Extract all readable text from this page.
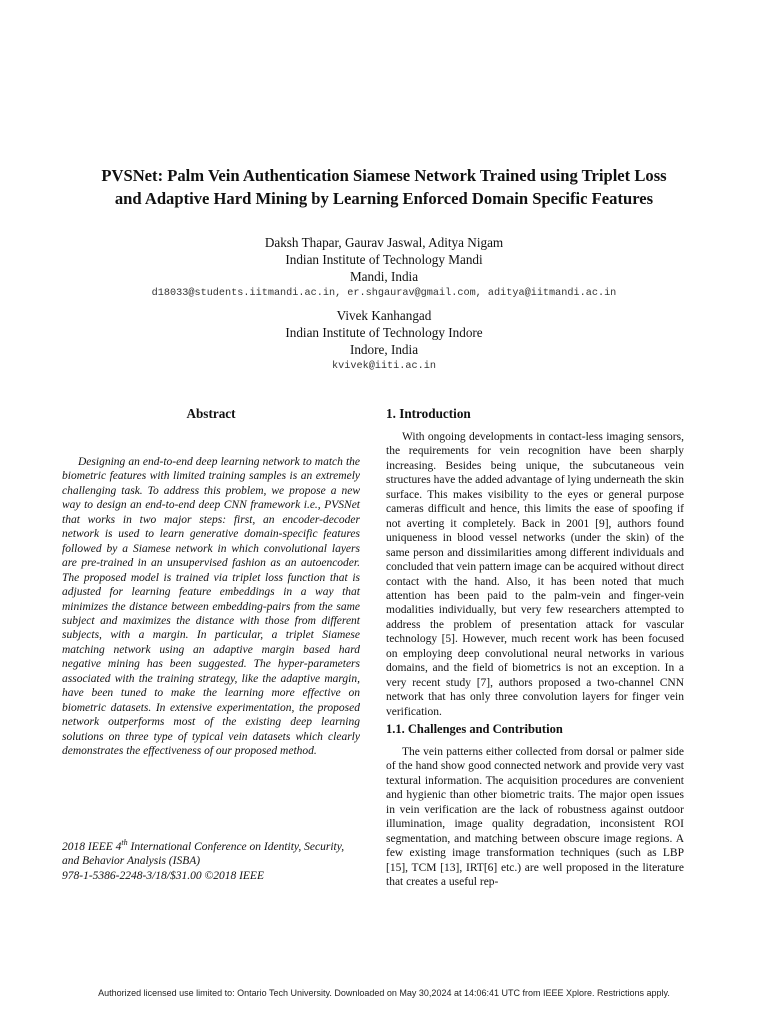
PVSNet: Palm Vein Authentication Siamese Network Trained using Triplet Loss
and Adaptive Hard Mining by Learning Enforced Domain Specific Features
Daksh Thapar, Gaurav Jaswal, Aditya Nigam
Indian Institute of Technology Mandi
Mandi, India
d18033@students.iitmandi.ac.in, er.shgaurav@gmail.com, aditya@iitmandi.ac.in
Vivek Kanhangad
Indian Institute of Technology Indore
Indore, India
kvivek@iiti.ac.in
Abstract

Designing an end-to-end deep learning network to match the biometric features with limited training samples is an extremely challenging task. To address this problem, we propose a new way to design an end-to-end deep CNN framework i.e., PVSNet that works in two major steps: first, an encoder-decoder network is used to learn generative domain-specific features followed by a Siamese network in which convolutional layers are pre-trained in an unsupervised fashion as an autoencoder. The proposed model is trained via triplet loss function that is adjusted for learning feature embeddings in a way that minimizes the distance between embedding-pairs from the same subject and maximizes the distance with those from different subjects, with a margin. In particular, a triplet Siamese matching network using an adaptive margin based hard negative mining has been suggested. The hyper-parameters associated with the training strategy, like the adaptive margin, have been tuned to make the learning more effective on biometric datasets. In extensive experimentation, the proposed network outperforms most of the existing deep learning solutions on three type of typical vein datasets which clearly demonstrates the effectiveness of our proposed method.

2018 IEEE 4th International Conference on Identity, Security, and Behavior Analysis (ISBA)
978-1-5386-2248-3/18/$31.00 ©2018 IEEE
1. Introduction

With ongoing developments in contact-less imaging sensors, the requirements for vein recognition have been sharply increasing. Besides being unique, the subcutaneous vein structures have the added advantage of lying underneath the skin surface. This makes visibility to the eyes or general purpose cameras difficult and hence, this limits the ease of spoofing if not averting it completely. Back in 2001 [9], authors found uniqueness in blood vessel networks (under the skin) of the same person and dissimilarities among different individuals and concluded that vein pattern image can be acquired without direct contact with the hand. Also, it has been noted that much attention has been paid to the palm-vein and finger-vein modalities individually, but very few researchers attempted to address the problem of presentation attack for vascular technology [5]. However, much recent work has been focused on employing deep convolutional neural networks in various domains, and the field of biometrics is not an exception. In a very recent study [7], authors proposed a two-channel CNN network that has only three convolution layers for finger vein verification.

1.1. Challenges and Contribution

The vein patterns either collected from dorsal or palmer side of the hand show good connected network and provide very vast textural information. The acquisition procedures are convenient and hygienic than other biometric traits. The major open issues in vein verification are the lack of robustness against outdoor illumination, image quality degradation, inconsistent ROI segmentation, and matching between obscure image regions. A few existing image transformation techniques (such as LBP [15], TCM [13], IRT[6] etc.) are well proposed in the literature that creates a useful rep-

Authorized licensed use limited to: Ontario Tech University. Downloaded on May 30,2024 at 14:06:41 UTC from IEEE Xplore. Restrictions apply.
